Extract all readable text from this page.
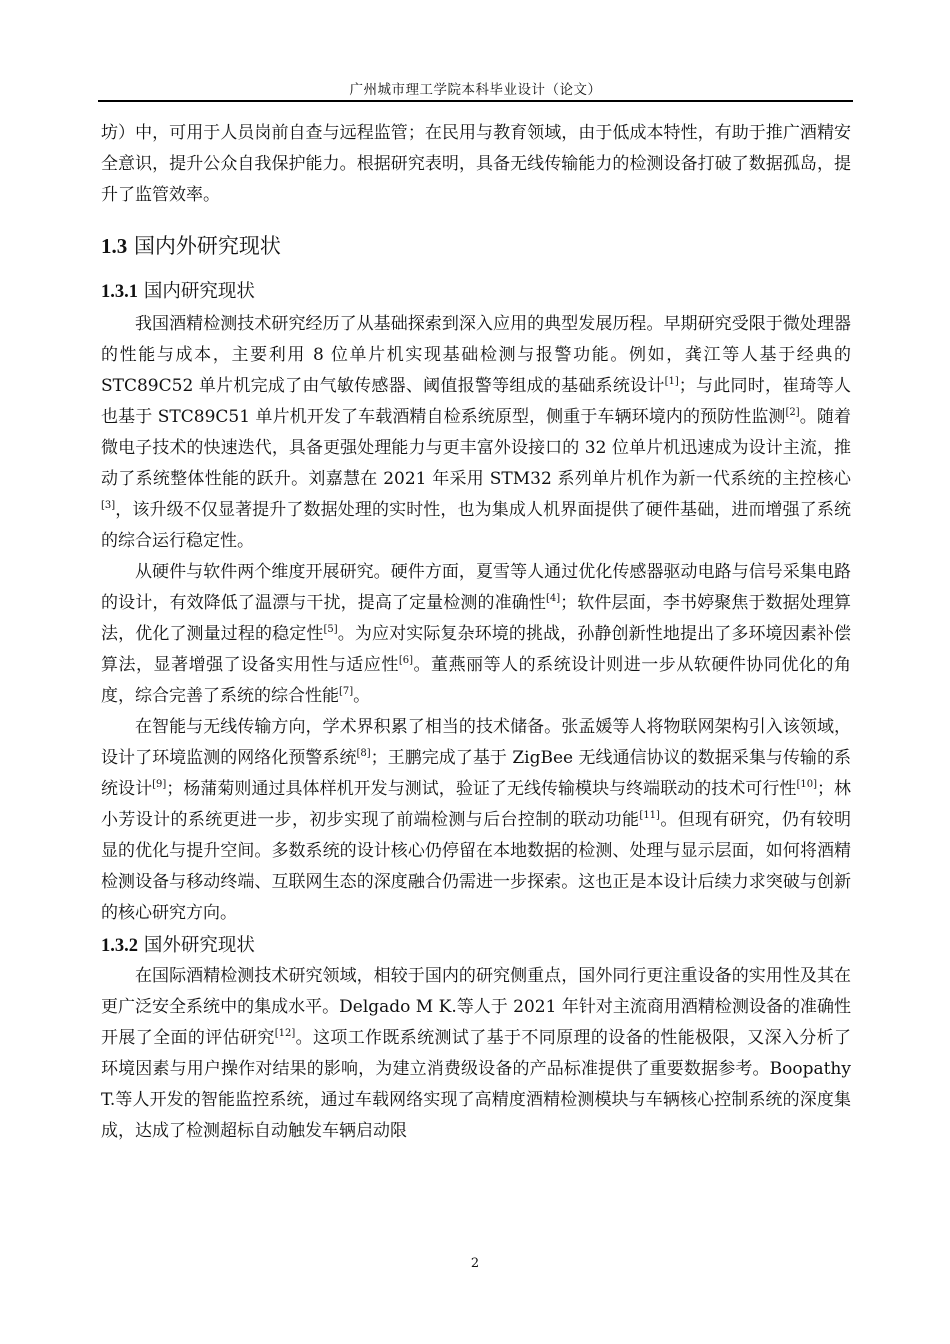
广州城市理工学院本科毕业设计（论文）

坊）中，可用于人员岗前自查与远程监管；在民用与教育领域，由于低成本特性，有助于推广酒精安全意识，提升公众自我保护能力。根据研究表明，具备无线传输能力的检测设备打破了数据孤岛，提升了监管效率。

1.3 国内外研究现状
1.3.1 国内研究现状

我国酒精检测技术研究经历了从基础探索到深入应用的典型发展历程。早期研究受限于微处理器的性能与成本，主要利用 8 位单片机实现基础检测与报警功能。例如，龚江等人基于经典的 STC89C52 单片机完成了由气敏传感器、阈值报警等组成的基础系统设计[1]；与此同时，崔琦等人也基于 STC89C51 单片机开发了车载酒精自检系统原型，侧重于车辆环境内的预防性监测[2]。随着微电子技术的快速迭代，具备更强处理能力与更丰富外设接口的 32 位单片机迅速成为设计主流，推动了系统整体性能的跃升。刘嘉慧在 2021 年采用 STM32 系列单片机作为新一代系统的主控核心[3]，该升级不仅显著提升了数据处理的实时性，也为集成人机界面提供了硬件基础，进而增强了系统的综合运行稳定性。

从硬件与软件两个维度开展研究。硬件方面，夏雪等人通过优化传感器驱动电路与信号采集电路的设计，有效降低了温漂与干扰，提高了定量检测的准确性[4]；软件层面，李书婷聚焦于数据处理算法，优化了测量过程的稳定性[5]。为应对实际复杂环境的挑战，孙静创新性地提出了多环境因素补偿算法，显著增强了设备实用性与适应性[6]。董燕丽等人的系统设计则进一步从软硬件协同优化的角度，综合完善了系统的综合性能[7]。

在智能与无线传输方向，学术界积累了相当的技术储备。张孟媛等人将物联网架构引入该领域，设计了环境监测的网络化预警系统[8]；王鹏完成了基于 ZigBee 无线通信协议的数据采集与传输的系统设计[9]；杨蒲菊则通过具体样机开发与测试，验证了无线传输模块与终端联动的技术可行性[10]；林小芳设计的系统更进一步，初步实现了前端检测与后台控制的联动功能[11]。但现有研究，仍有较明显的优化与提升空间。多数系统的设计核心仍停留在本地数据的检测、处理与显示层面，如何将酒精检测设备与移动终端、互联网生态的深度融合仍需进一步探索。这也正是本设计后续力求突破与创新的核心研究方向。

1.3.2 国外研究现状

在国际酒精检测技术研究领域，相较于国内的研究侧重点，国外同行更注重设备的实用性及其在更广泛安全系统中的集成水平。Delgado M K.等人于 2021 年针对主流商用酒精检测设备的准确性开展了全面的评估研究[12]。这项工作既系统测试了基于不同原理的设备的性能极限，又深入分析了环境因素与用户操作对结果的影响，为建立消费级设备的产品标准提供了重要数据参考。Boopathy T.等人开发的智能监控系统，通过车载网络实现了高精度酒精检测模块与车辆核心控制系统的深度集成，达成了检测超标自动触发车辆启动限

2
